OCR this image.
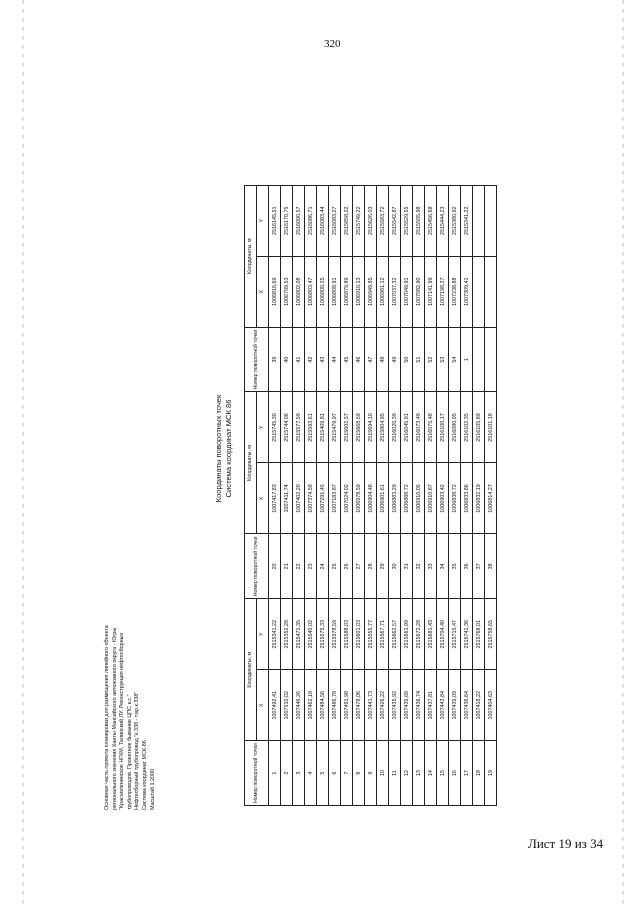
320
Основная часть проекта планировки для размещения линейного объекта регионального значения Ханты-Мансийского автономного округа - Югры "Красноленинское НГКМ, Талинский ЛУ. Реконструкция нефтесборных трубопроводов. Проектное бывание ЦПС к.с." Нефтесборный трубопровод "к.338 - т.вр.к.338" Система координат МСК-86 Масштаб 1:2000
Координаты поворотных точек Система координат МСК 86
Номер поворотной точки	Координаты, м		Номер поворотной точки	Координаты, м		Номер поворотной точки	Координаты, м	
	X	Y		X	Y		X	Y
1	1007492,41	2515341,22	20	1007417,83	2515745,30	39	1006816,69	2516145,51
2	1007510,02	2515352,28	21	1007411,74	2515744,06	40	1006799,53	2516170,75
3	1007446,26	2515471,35	22	1007402,20	2515577,59	41	1006802,08	2516090,57
4	1007462,18	2515540,02	23	1007374,58	2515593,61	42	1006803,47	2516086,71
5	1007484,56	2515575,33	24	1007291,45	2515409,81	43	1006800,25	2516083,44
6	1007486,78	2515578,59	25	1007183,87	2515479,97	44	1006808,91	2516083,27
7	1007491,98	2515588,03	26	1007024,02	2515602,57	45	1006879,89	2515858,22
8	1007478,06	2515601,03	27	1006978,59	2515668,59	46	1006910,13	2515749,22
9	1007441,73	2515555,77	28	1006904,48	2515694,10	47	1006949,85	2515626,03
10	1007426,22	2515567,71	29	1006901,61	2515804,95	48	1006981,12	2515583,72
11	1007435,92	2515662,57	30	1006883,29	2516020,39	49	1007037,32	2515542,87
12	1007435,68	2515661,99	31	1006888,72	2516045,91	50	1007049,91	2515529,55
13	1007436,74	2515672,28	32	1006910,05	2516073,49	51	1007082,90	2515505,98
14	1007437,81	2515681,43	33	1006910,87	2516075,48	52	1007141,99	2515456,68
15	1007443,84	2515704,40	34	1006903,42	2516100,17	53	1007198,27	2515444,23
16	1007435,09	2515715,47	35	1006838,72	2516080,95	54	1007238,88	2515380,92
17	1007436,64	2515741,36	36	1006833,86	2516102,35	1	1007309,41	2515341,22
18	1007418,22	2515768,01	37	1006832,19	2516105,89			
19	1007404,63	2515758,65	38	1006814,27	2516101,18			
Лист 19 из 34
